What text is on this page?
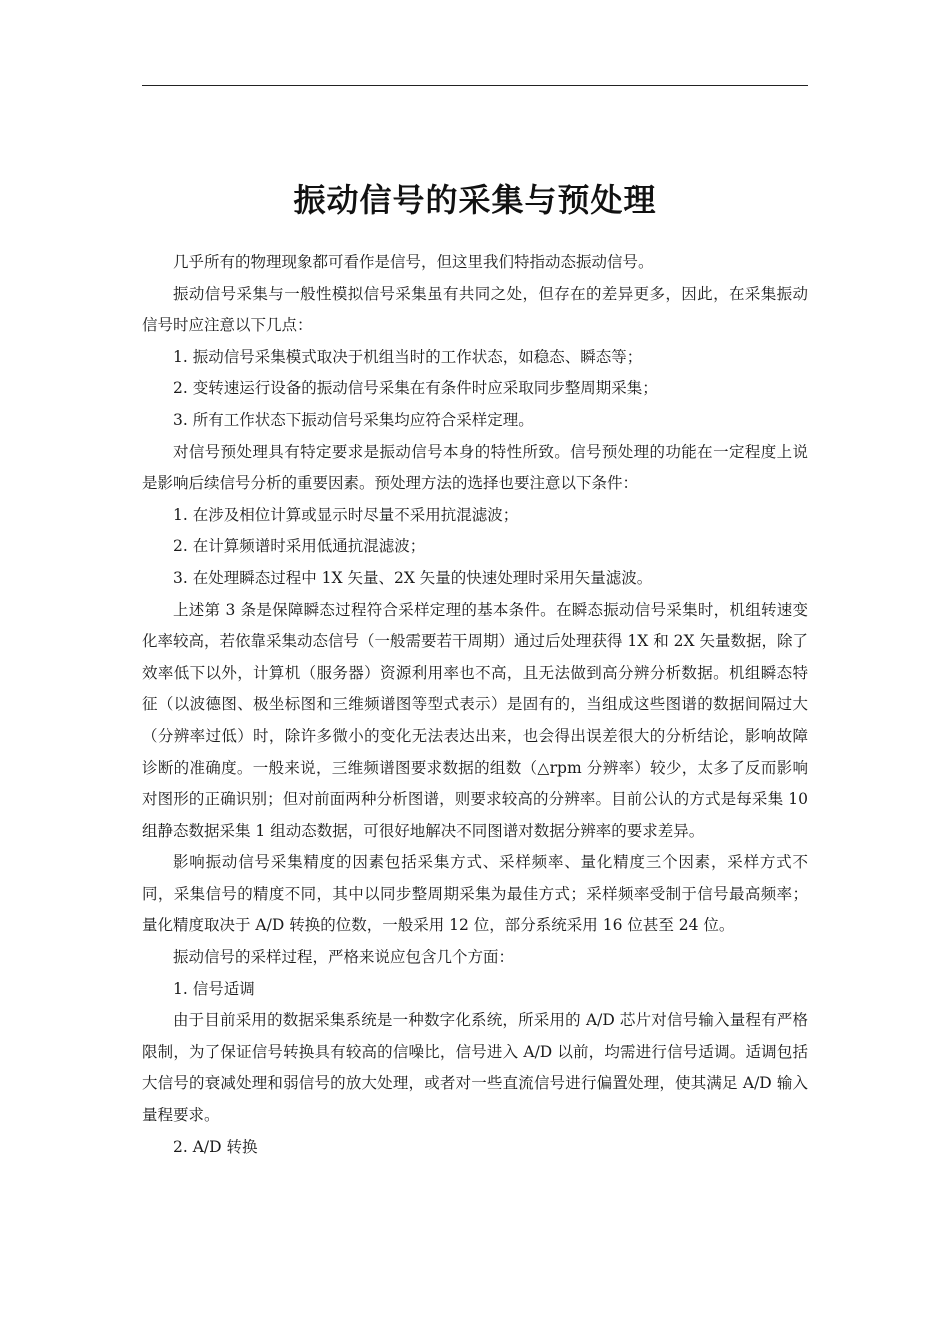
振动信号的采集与预处理

几乎所有的物理现象都可看作是信号，但这里我们特指动态振动信号。

振动信号采集与一般性模拟信号采集虽有共同之处，但存在的差异更多，因此，在采集振动信号时应注意以下几点：

1. 振动信号采集模式取决于机组当时的工作状态，如稳态、瞬态等；

2. 变转速运行设备的振动信号采集在有条件时应采取同步整周期采集；

3. 所有工作状态下振动信号采集均应符合采样定理。

对信号预处理具有特定要求是振动信号本身的特性所致。信号预处理的功能在一定程度上说是影响后续信号分析的重要因素。预处理方法的选择也要注意以下条件：

1. 在涉及相位计算或显示时尽量不采用抗混滤波；

2. 在计算频谱时采用低通抗混滤波；

3. 在处理瞬态过程中 1X 矢量、2X 矢量的快速处理时采用矢量滤波。

上述第 3 条是保障瞬态过程符合采样定理的基本条件。在瞬态振动信号采集时，机组转速变化率较高，若依靠采集动态信号（一般需要若干周期）通过后处理获得 1X 和 2X 矢量数据，除了效率低下以外，计算机（服务器）资源利用率也不高，且无法做到高分辨分析数据。机组瞬态特征（以波德图、极坐标图和三维频谱图等型式表示）是固有的，当组成这些图谱的数据间隔过大（分辨率过低）时，除许多微小的变化无法表达出来，也会得出误差很大的分析结论，影响故障诊断的准确度。一般来说，三维频谱图要求数据的组数（△rpm 分辨率）较少，太多了反而影响对图形的正确识别；但对前面两种分析图谱，则要求较高的分辨率。目前公认的方式是每采集 10 组静态数据采集 1 组动态数据，可很好地解决不同图谱对数据分辨率的要求差异。

影响振动信号采集精度的因素包括采集方式、采样频率、量化精度三个因素，采样方式不同，采集信号的精度不同，其中以同步整周期采集为最佳方式；采样频率受制于信号最高频率；量化精度取决于 A/D 转换的位数，一般采用 12 位，部分系统采用 16 位甚至 24 位。

振动信号的采样过程，严格来说应包含几个方面：

1. 信号适调

由于目前采用的数据采集系统是一种数字化系统，所采用的 A/D 芯片对信号输入量程有严格限制，为了保证信号转换具有较高的信噪比，信号进入 A/D 以前，均需进行信号适调。适调包括大信号的衰减处理和弱信号的放大处理，或者对一些直流信号进行偏置处理，使其满足 A/D 输入量程要求。

2. A/D 转换
